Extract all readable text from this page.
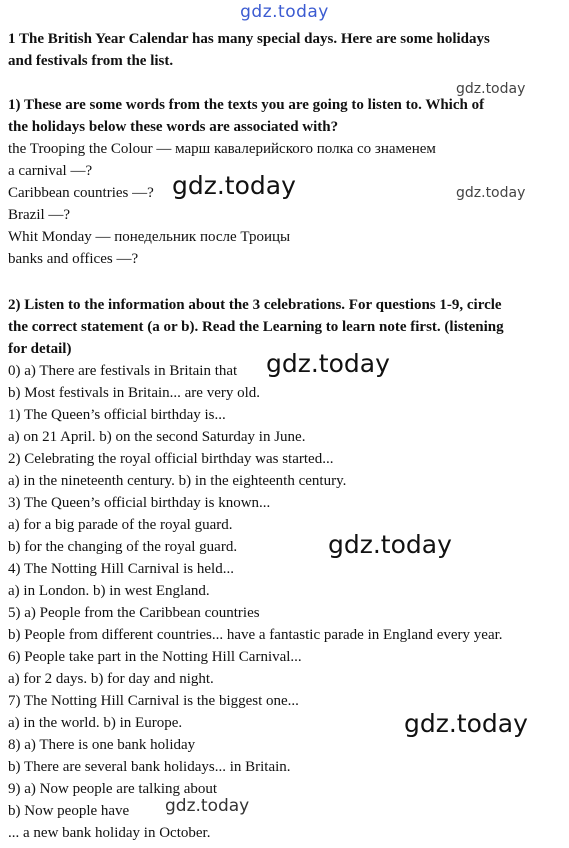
gdz.today
1 The British Year Calendar has many special days. Here are some holidays
and festivals from the list.
gdz.today
1) These are some words from the texts you are going to listen to. Which of
the holidays below these words are associated with?
the Trooping the Colour — марш кавалерийского полка со знаменем
a carnival —?
Caribbean countries —? gdz.today	gdz.today
Brazil —?
Whit Monday — понедельник после Троицы
banks and offices —?
2) Listen to the information about the 3 celebrations. For questions 1-9, circle
the correct statement (a or b). Read the Learning to learn note first. (listening
for detail)
0) a) There are festivals in Britain that	gdz.today
b) Most festivals in Britain... are very old.
1) The Queen’s official birthday is...
a) on 21 April. b) on the second Saturday in June.
2) Celebrating the royal official birthday was started...
a) in the nineteenth century. b) in the eighteenth century.
3) The Queen’s official birthday is known...
a) for a big parade of the royal guard.
b) for the changing of the royal guard.	gdz.today
4) The Notting Hill Carnival is held...
a) in London. b) in west England.
5) a) People from the Caribbean countries
b) People from different countries... have a fantastic parade in England every year.
6) People take part in the Notting Hill Carnival...
a) for 2 days. b) for day and night.
7) The Notting Hill Carnival is the biggest one...
a) in the world. b) in Europe.	gdz.today
8) a) There is one bank holiday
b) There are several bank holidays... in Britain.
9) a) Now people are talking about
b) Now people have	gdz.today
... a new bank holiday in October.
